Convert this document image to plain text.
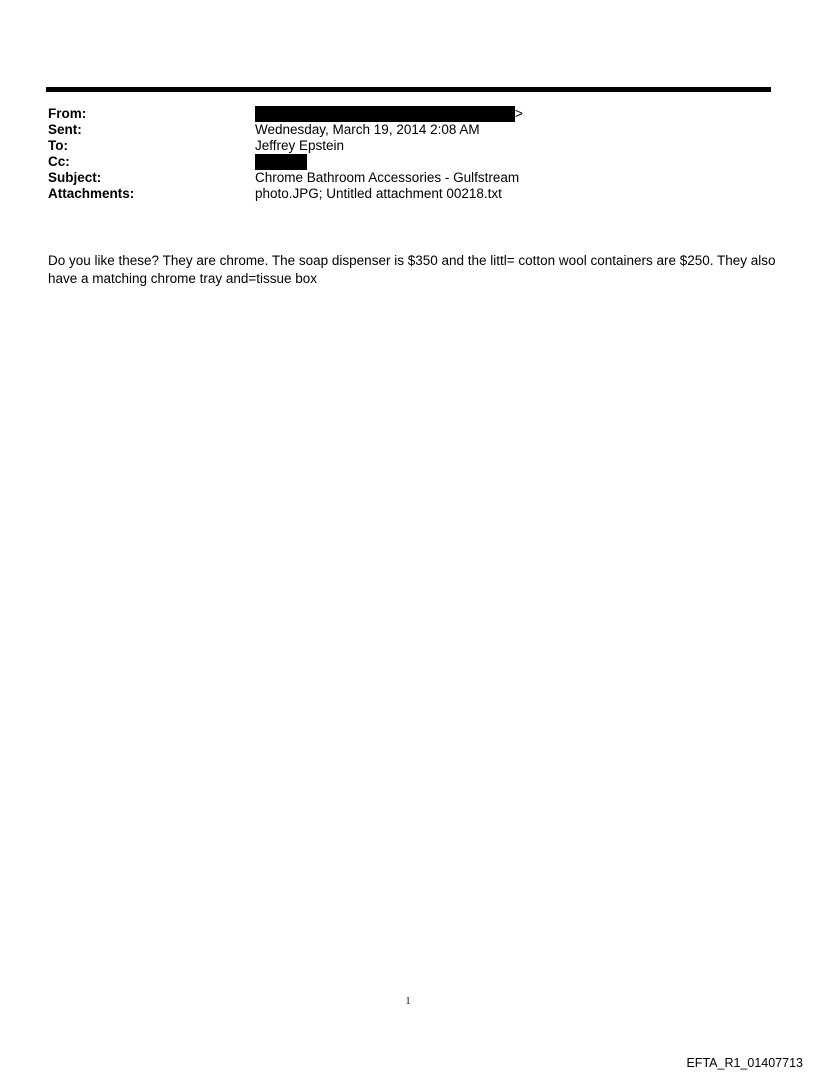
From:	>
Sent:	Wednesday, March 19, 2014 2:08 AM
To:	Jeffrey Epstein
Cc:
Subject:	Chrome Bathroom Accessories - Gulfstream
Attachments:	photo.JPG; Untitled attachment 00218.txt
Do you like these? They are chrome. The soap dispenser is $350 and the littl= cotton wool containers are $250. They also have a matching chrome tray and=tissue box
1
EFTA_R1_01407713
